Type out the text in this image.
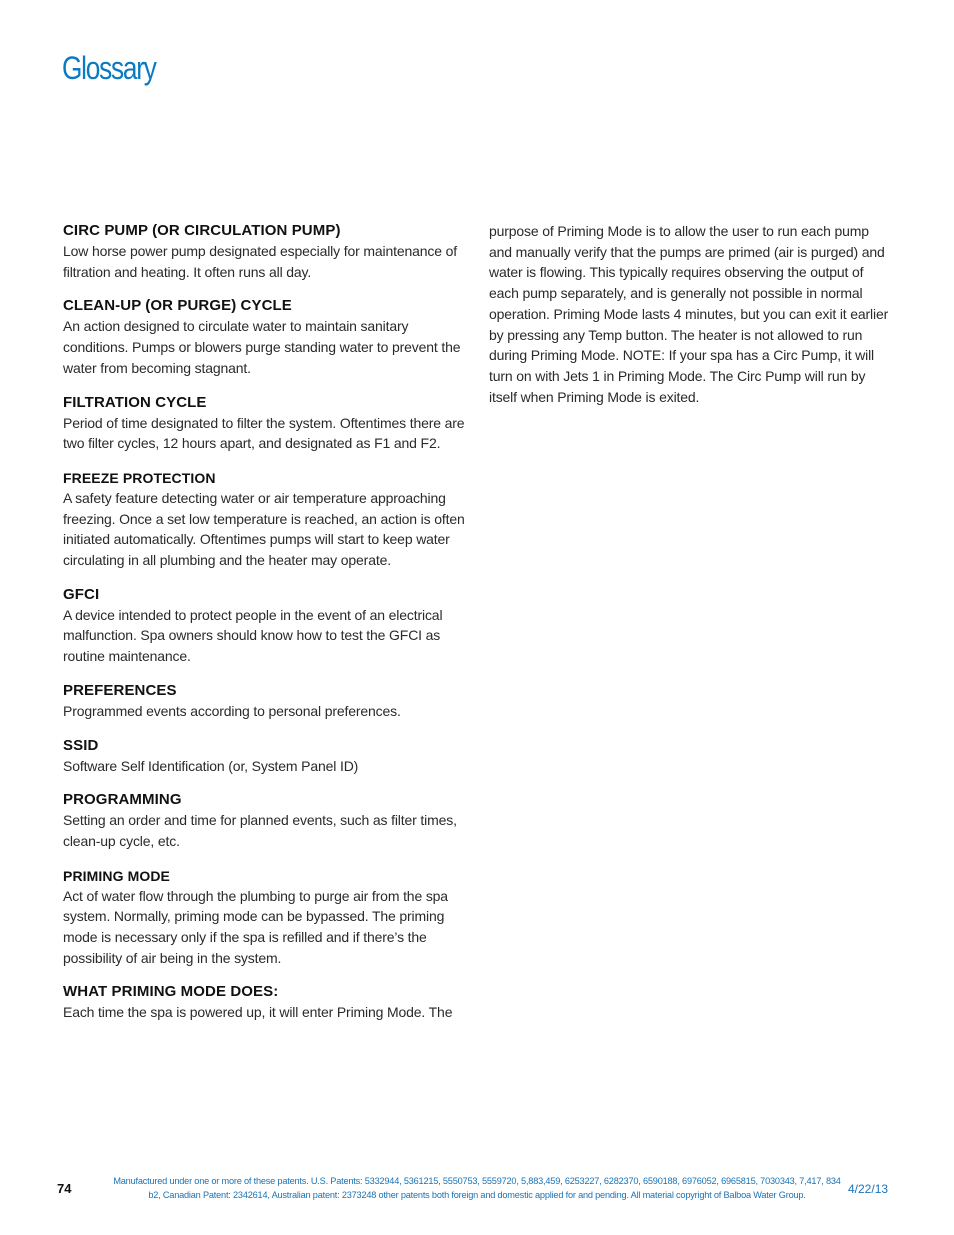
Glossary

CIRC PUMP (OR CIRCULATION PUMP)

Low horse power pump designated especially for maintenance of filtration and heating. It often runs all day.

CLEAN-UP (OR PURGE) CYCLE

An action designed to circulate water to maintain sanitary conditions. Pumps or blowers purge standing water to prevent the water from becoming stagnant.

FILTRATION CYCLE

Period of time designated to filter the system. Oftentimes there are two filter cycles, 12 hours apart, and designated as F1 and F2.

FREEZE PROTECTION

A safety feature detecting water or air temperature approaching freezing. Once a set low temperature is reached, an action is often initiated automatically. Oftentimes pumps will start to keep water circulating in all plumbing and the heater may operate.

GFCI

A device intended to protect people in the event of an electrical malfunction. Spa owners should know how to test the GFCI as routine maintenance.

PREFERENCES

Programmed events according to personal preferences.

SSID

Software Self Identification (or, System Panel ID)

PROGRAMMING

Setting an order and time for planned events, such as filter times, clean-up cycle, etc.

PRIMING MODE

Act of water flow through the plumbing to purge air from the spa system. Normally, priming mode can be bypassed. The priming mode is necessary only if the spa is refilled and if there’s the possibility of air being in the system.

WHAT PRIMING MODE DOES:

Each time the spa is powered up, it will enter Priming Mode. The

purpose of Priming Mode is to allow the user to run each pump and manually verify that the pumps are primed (air is purged) and water is flowing. This typically requires observing the output of each pump separately, and is generally not possible in normal operation. Priming Mode lasts 4 minutes, but you can exit it earlier by pressing any Temp button. The heater is not allowed to run during Priming Mode. NOTE: If your spa has a Circ Pump, it will turn on with Jets 1 in Priming Mode. The Circ Pump will run by itself when Priming Mode is exited.

74	Manufactured under one or more of these patents. U.S. Patents: 5332944, 5361215, 5550753, 5559720, 5,883,459, 6253227, 6282370, 6590188, 6976052, 6965815, 7030343, 7,417, 834 b2, Canadian Patent: 2342614, Australian patent: 2373248 other patents both foreign and domestic applied for and pending. All material copyright of Balboa Water Group.	4/22/13
